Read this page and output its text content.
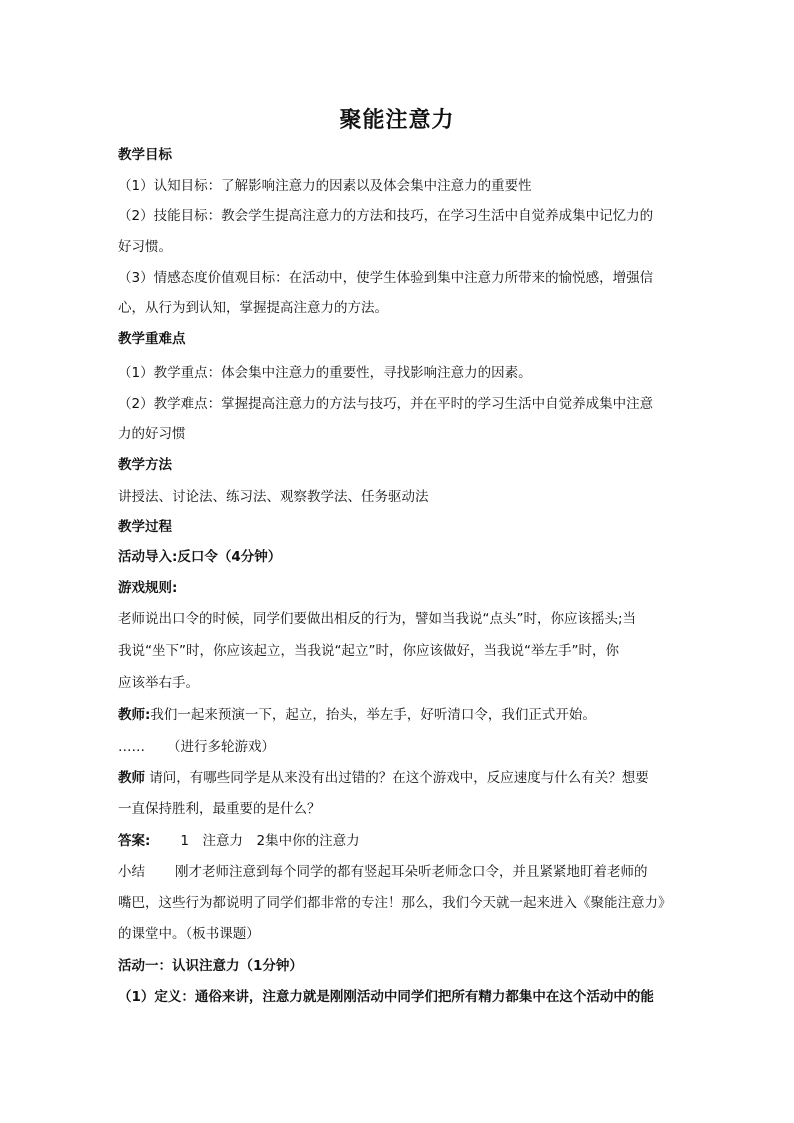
聚能注意力
教学目标
（1）认知目标：了解影响注意力的因素以及体会集中注意力的重要性
（2）技能目标：教会学生提高注意力的方法和技巧，在学习生活中自觉养成集中记忆力的
好习惯。
（3）情感态度价值观目标：在活动中，使学生体验到集中注意力所带来的愉悦感，增强信
心，从行为到认知，掌握提高注意力的方法。
教学重难点
（1）教学重点：体会集中注意力的重要性，寻找影响注意力的因素。
（2）教学难点：掌握提高注意力的方法与技巧，并在平时的学习生活中自觉养成集中注意
力的好习惯
教学方法
讲授法、讨论法、练习法、观察教学法、任务驱动法
教学过程
活动导入:反口令（4分钟）
游戏规则:
老师说出口令的时候，同学们要做出相反的行为，譬如当我说“点头”时，你应该摇头;当
我说“坐下”时，你应该起立，当我说“起立”时，你应该做好，当我说“举左手”时，你
应该举右手。
教师:我们一起来预演一下，起立，抬头，举左手，好听清口令，我们正式开始。
…… （进行多轮游戏）
教师 请问，有哪些同学是从来没有出过错的？在这个游戏中，反应速度与什么有关？想要
一直保持胜利，最重要的是什么？
答案: 1　注意力　2集中你的注意力
小结 刚才老师注意到每个同学的都有竖起耳朵听老师念口令，并且紧紧地盯着老师的
嘴巴，这些行为都说明了同学们都非常的专注！那么，我们今天就一起来进入《聚能注意力》
的课堂中。（板书课题）
活动一：认识注意力（1分钟）
（1）定义：通俗来讲，注意力就是刚刚活动中同学们把所有精力都集中在这个活动中的能
